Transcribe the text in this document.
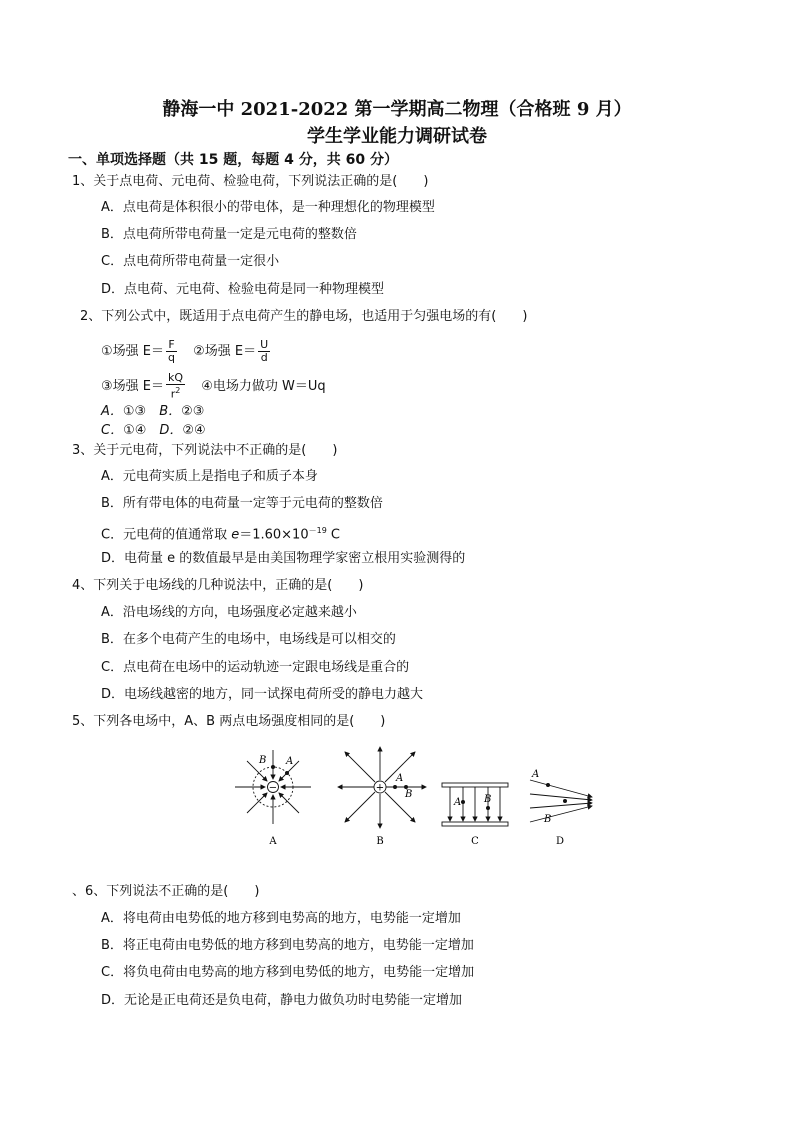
静海一中 2021-2022 第一学期高二物理（合格班 9 月）
学生学业能力调研试卷
一、单项选择题（共 15 题，每题 4 分，共 60 分）
1、关于点电荷、元电荷、检验电荷，下列说法正确的是(　　)
A．点电荷是体积很小的带电体，是一种理想化的物理模型
B．点电荷所带电荷量一定是元电荷的整数倍
C．点电荷所带电荷量一定很小
D．点电荷、元电荷、检验电荷是同一种物理模型
2、下列公式中，既适用于点电荷产生的静电场，也适用于匀强电场的有(　　)
①场强 $E= \frac{F}{q}$ ②场强 $E= \frac{U}{d}$
③场强 $E= \frac{kQ}{r^2}$ ④电场力做功 W＝Uq
A．①③　B．②③
C．①④　D．②④
3、关于元电荷，下列说法中不正确的是(　　)
A．元电荷实质上是指电子和质子本身
B．所有带电体的电荷量一定等于元电荷的整数倍
C．元电荷的值通常取 $e=1.60\times 10^{-19}$ C
D．电荷量 e 的数值最早是由美国物理学家密立根用实验测得的
4、下列关于电场线的几种说法中，正确的是(　　)
A．沿电场线的方向，电场强度必定越来越小
B．在多个电荷产生的电场中，电场线是可以相交的
C．点电荷在电场中的运动轨迹一定跟电场线是重合的
D．电场线越密的地方，同一试探电荷所受的静电力越大
5、下列各电场中，A、B 两点电场强度相同的是(　　)
−
B A
A
+
A
B
B
A B
C
A
B
D
、6、下列说法不正确的是(　　)
A．将电荷由电势低的地方移到电势高的地方，电势能一定增加
B．将正电荷由电势低的地方移到电势高的地方，电势能一定增加
C．将负电荷由电势高的地方移到电势低的地方，电势能一定增加
D．无论是正电荷还是负电荷，静电力做负功时电势能一定增加
